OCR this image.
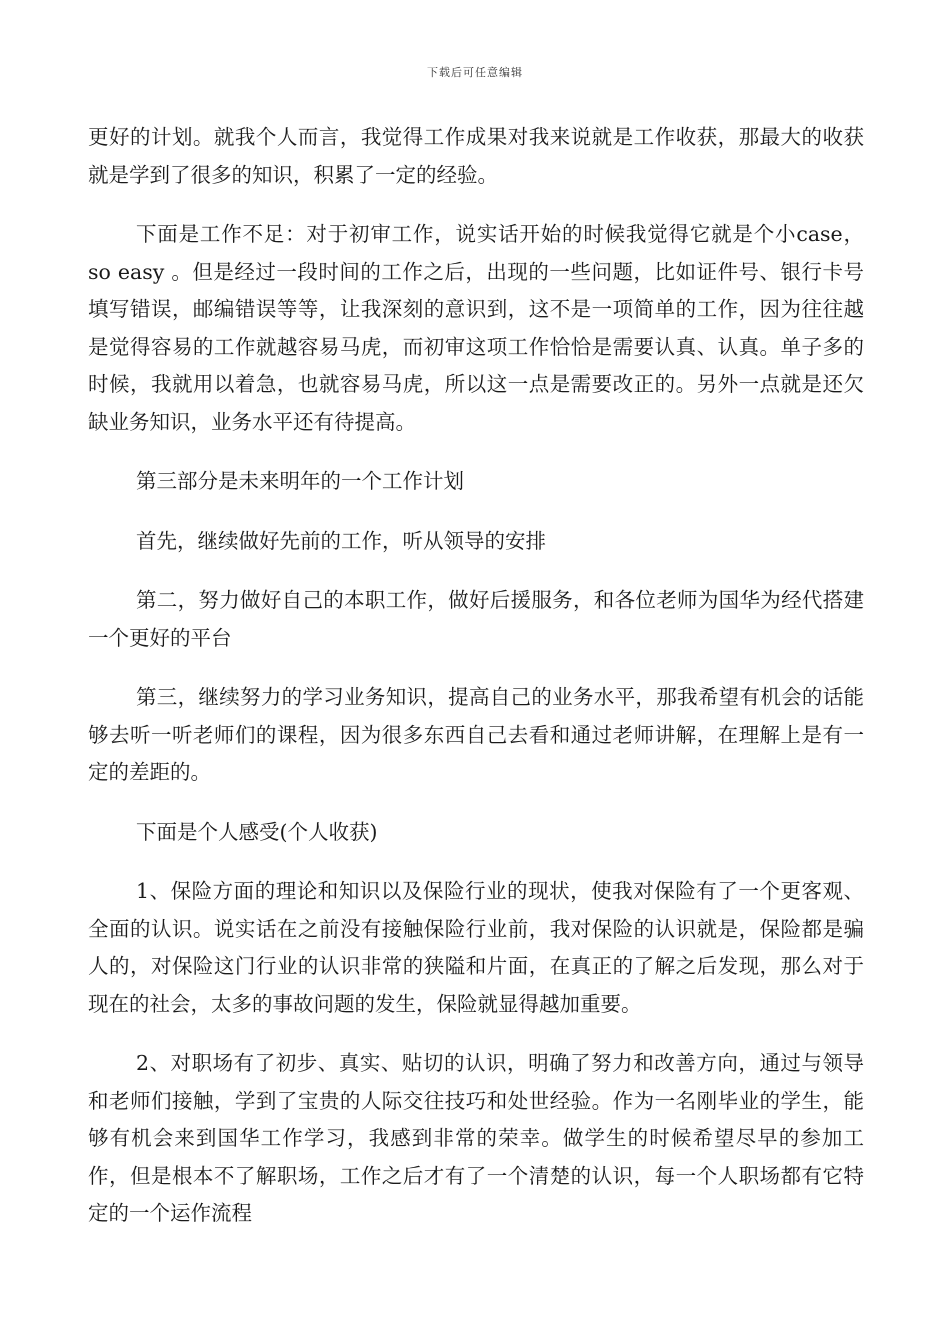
下载后可任意编辑

更好的计划。就我个人而言，我觉得工作成果对我来说就是工作收获，那最大的收获就是学到了很多的知识，积累了一定的经验。

下面是工作不足：对于初审工作，说实话开始的时候我觉得它就是个小case， so easy 。但是经过一段时间的工作之后，出现的一些问题，比如证件号、银行卡号填写错误，邮编错误等等，让我深刻的意识到，这不是一项简单的工作，因为往往越是觉得容易的工作就越容易马虎，而初审这项工作恰恰是需要认真、认真。单子多的时候，我就用以着急，也就容易马虎，所以这一点是需要改正的。另外一点就是还欠缺业务知识，业务水平还有待提高。

第三部分是未来明年的一个工作计划

首先，继续做好先前的工作，听从领导的安排

第二，努力做好自己的本职工作，做好后援服务，和各位老师为国华为经代搭建一个更好的平台

第三，继续努力的学习业务知识，提高自己的业务水平，那我希望有机会的话能够去听一听老师们的课程，因为很多东西自己去看和通过老师讲解，在理解上是有一定的差距的。

下面是个人感受(个人收获)

1、保险方面的理论和知识以及保险行业的现状，使我对保险有了一个更客观、全面的认识。说实话在之前没有接触保险行业前，我对保险的认识就是，保险都是骗人的，对保险这门行业的认识非常的狭隘和片面，在真正的了解之后发现，那么对于现在的社会，太多的事故问题的发生，保险就显得越加重要。

2、对职场有了初步、真实、贴切的认识，明确了努力和改善方向，通过与领导和老师们接触，学到了宝贵的人际交往技巧和处世经验。作为一名刚毕业的学生，能够有机会来到国华工作学习，我感到非常的荣幸。做学生的时候希望尽早的参加工作，但是根本不了解职场，工作之后才有了一个清楚的认识，每一个人职场都有它特定的一个运作流程
